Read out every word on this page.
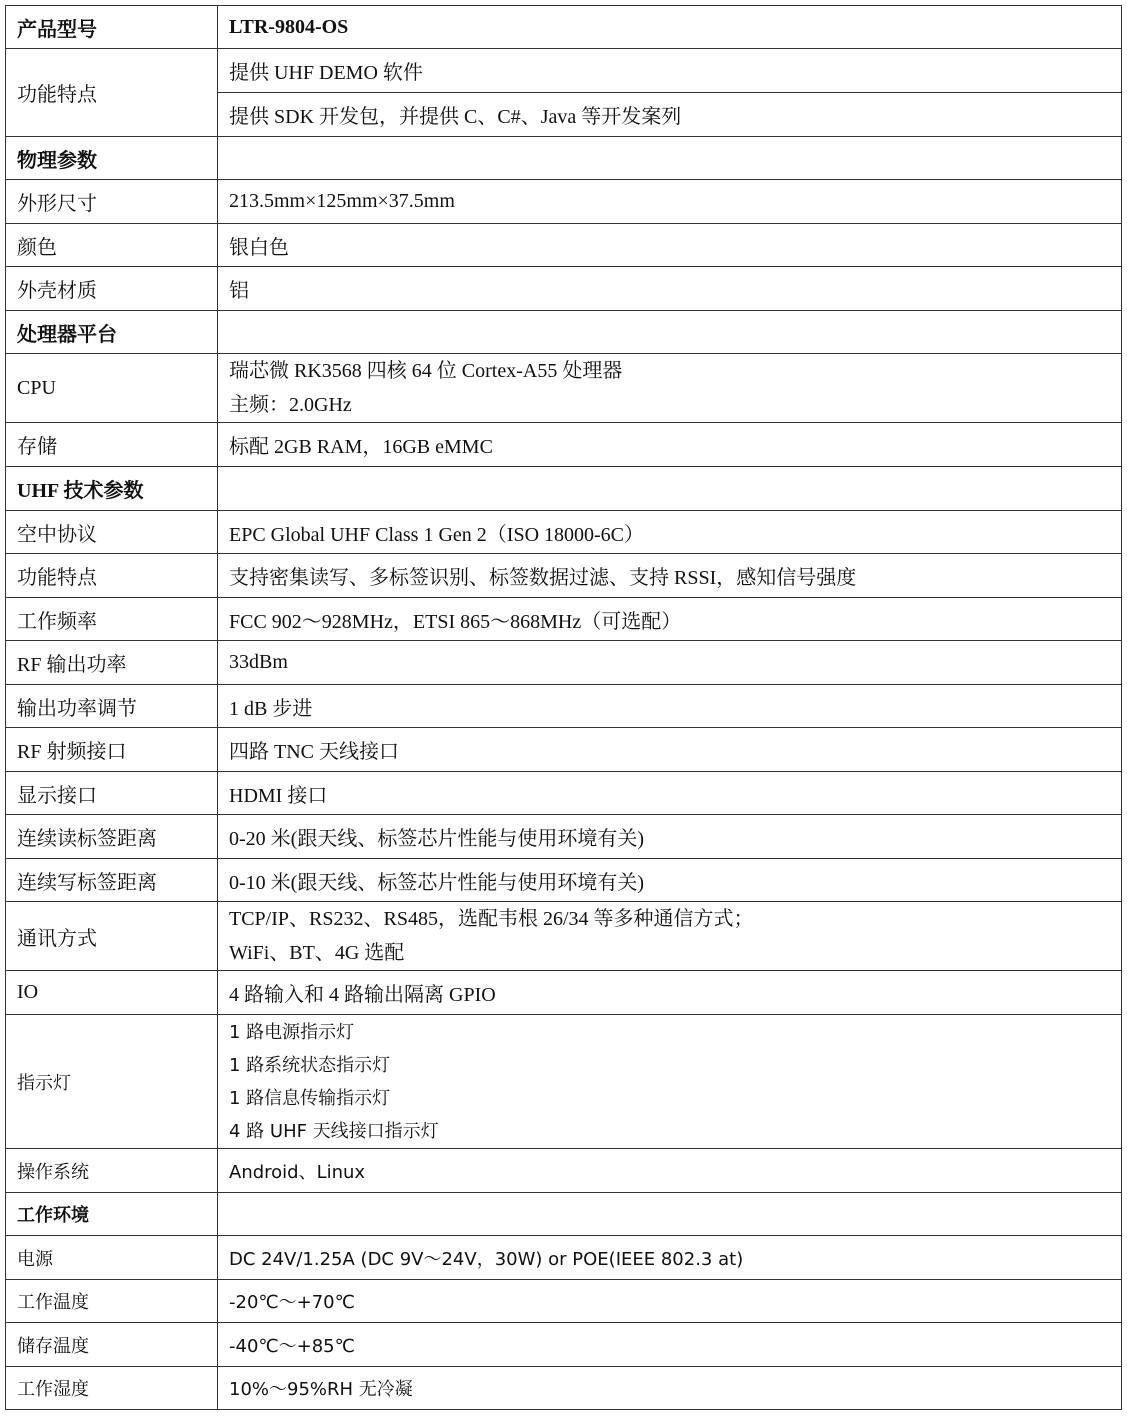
产品型号	LTR-9804-OS
功能特点	提供 UHF DEMO 软件
	提供 SDK 开发包，并提供 C、C#、Java 等开发案列
物理参数	
外形尺寸	213.5mm×125mm×37.5mm
颜色	银白色
外壳材质	铝
处理器平台	
CPU	瑞芯微 RK3568 四核 64 位 Cortex-A55 处理器
主频：2.0GHz

存储	标配 2GB RAM，16GB eMMC
UHF 技术参数	
空中协议	EPC Global UHF Class 1 Gen 2（ISO 18000-6C）
功能特点	支持密集读写、多标签识别、标签数据过滤、支持 RSSI，感知信号强度
工作频率	FCC 902～928MHz，ETSI 865～868MHz（可选配）
RF 输出功率	33dBm
输出功率调节	1 dB 步进
RF 射频接口	四路 TNC 天线接口
显示接口	HDMI 接口
连续读标签距离	0-20 米(跟天线、标签芯片性能与使用环境有关)
连续写标签距离	0-10 米(跟天线、标签芯片性能与使用环境有关)
通讯方式	TCP/IP、RS232、RS485，选配韦根 26/34 等多种通信方式；
WiFi、BT、4G 选配

IO	4 路输入和 4 路输出隔离 GPIO
指示灯	1 路电源指示灯
1 路系统状态指示灯
1 路信息传输指示灯
4 路 UHF 天线接口指示灯

操作系统	Android、Linux
工作环境	
电源	DC 24V/1.25A (DC 9V～24V，30W) or POE(IEEE 802.3 at)
工作温度	-20℃～+70℃
储存温度	-40℃～+85℃
工作湿度	10%～95%RH 无冷凝
